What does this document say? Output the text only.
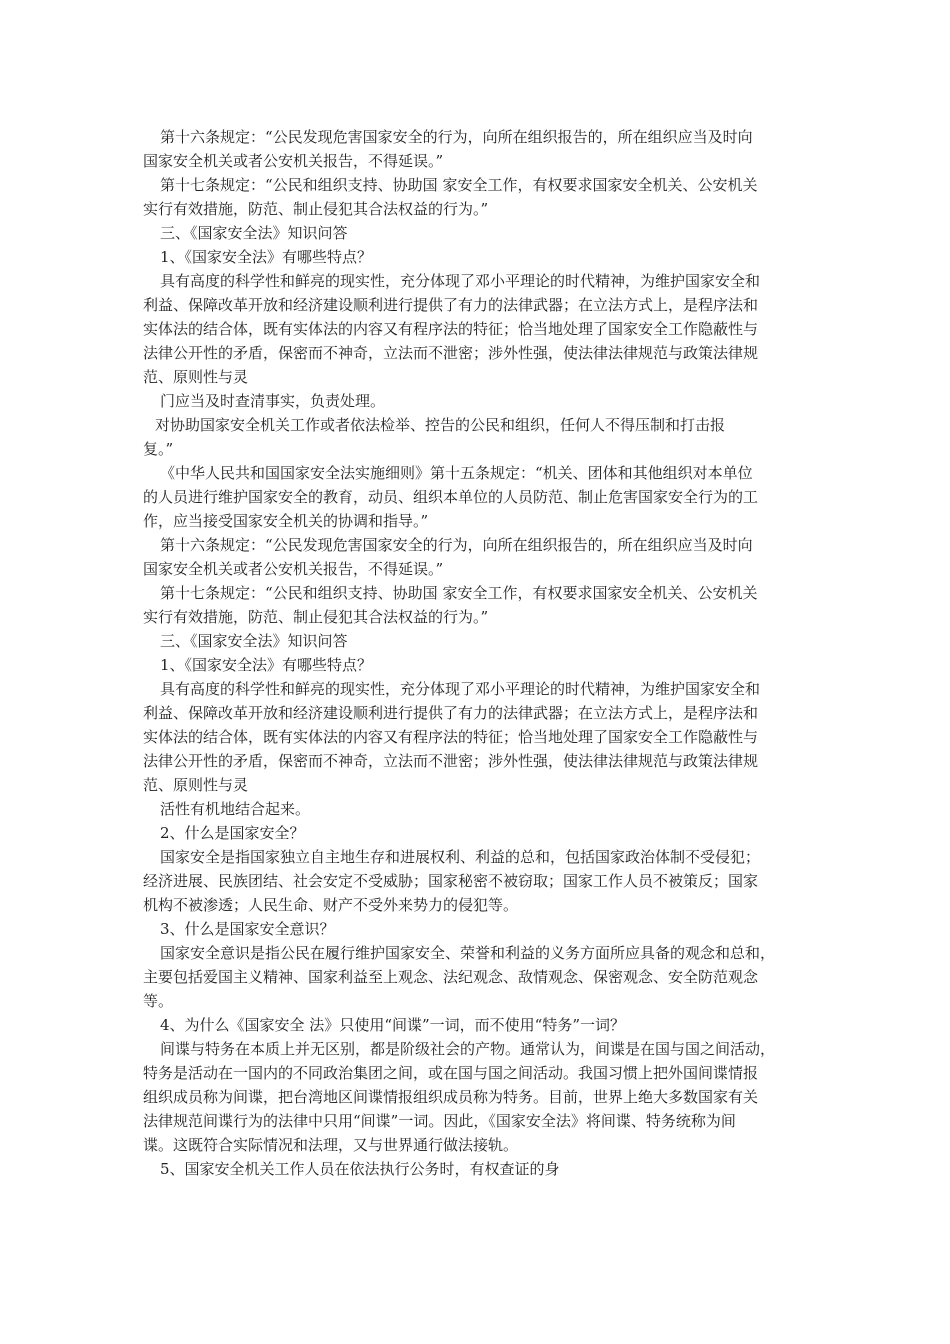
第十六条规定：“公民发现危害国家安全的行为，向所在组织报告的，所在组织应当及时向
国家安全机关或者公安机关报告，不得延误。”
第十七条规定：“公民和组织支持、协助国 家安全工作，有权要求国家安全机关、公安机关
实行有效措施，防范、制止侵犯其合法权益的行为。”
三、《国家安全法》知识问答
1、《国家安全法》有哪些特点？
具有高度的科学性和鲜亮的现实性，充分体现了邓小平理论的时代精神，为维护国家安全和
利益、保障改革开放和经济建设顺利进行提供了有力的法律武器；在立法方式上，是程序法和
实体法的结合体，既有实体法的内容又有程序法的特征；恰当地处理了国家安全工作隐蔽性与
法律公开性的矛盾，保密而不神奇，立法而不泄密；涉外性强，使法律法律规范与政策法律规
范、原则性与灵
门应当及时查清事实，负责处理。
对协助国家安全机关工作或者依法检举、控告的公民和组织，任何人不得压制和打击报
复。”
《中华人民共和国国家安全法实施细则》第十五条规定：“机关、团体和其他组织对本单位
的人员进行维护国家安全的教育，动员、组织本单位的人员防范、制止危害国家安全行为的工
作，应当接受国家安全机关的协调和指导。”
第十六条规定：“公民发现危害国家安全的行为，向所在组织报告的，所在组织应当及时向
国家安全机关或者公安机关报告，不得延误。”
第十七条规定：“公民和组织支持、协助国 家安全工作，有权要求国家安全机关、公安机关
实行有效措施，防范、制止侵犯其合法权益的行为。”
三、《国家安全法》知识问答
1、《国家安全法》有哪些特点？
具有高度的科学性和鲜亮的现实性，充分体现了邓小平理论的时代精神，为维护国家安全和
利益、保障改革开放和经济建设顺利进行提供了有力的法律武器；在立法方式上，是程序法和
实体法的结合体，既有实体法的内容又有程序法的特征；恰当地处理了国家安全工作隐蔽性与
法律公开性的矛盾，保密而不神奇，立法而不泄密；涉外性强，使法律法律规范与政策法律规
范、原则性与灵
活性有机地结合起来。
2、什么是国家安全？
国家安全是指国家独立自主地生存和进展权利、利益的总和，包括国家政治体制不受侵犯；
经济进展、民族团结、社会安定不受威胁；国家秘密不被窃取；国家工作人员不被策反；国家
机构不被渗透；人民生命、财产不受外来势力的侵犯等。
3、什么是国家安全意识？
国家安全意识是指公民在履行维护国家安全、荣誉和利益的义务方面所应具备的观念和总和，
主要包括爱国主义精神、国家利益至上观念、法纪观念、敌情观念、保密观念、安全防范观念
等。
4、为什么《国家安全 法》只使用“间谍”一词，而不使用“特务”一词？
间谍与特务在本质上并无区别，都是阶级社会的产物。通常认为，间谍是在国与国之间活动，
特务是活动在一国内的不同政治集团之间，或在国与国之间活动。我国习惯上把外国间谍情报
组织成员称为间谍，把台湾地区间谍情报组织成员称为特务。目前，世界上绝大多数国家有关
法律规范间谍行为的法律中只用“间谍”一词。因此，《国家安全法》将间谍、特务统称为间
谍。这既符合实际情况和法理，又与世界通行做法接轨。
5、国家安全机关工作人员在依法执行公务时，有权查证的身
